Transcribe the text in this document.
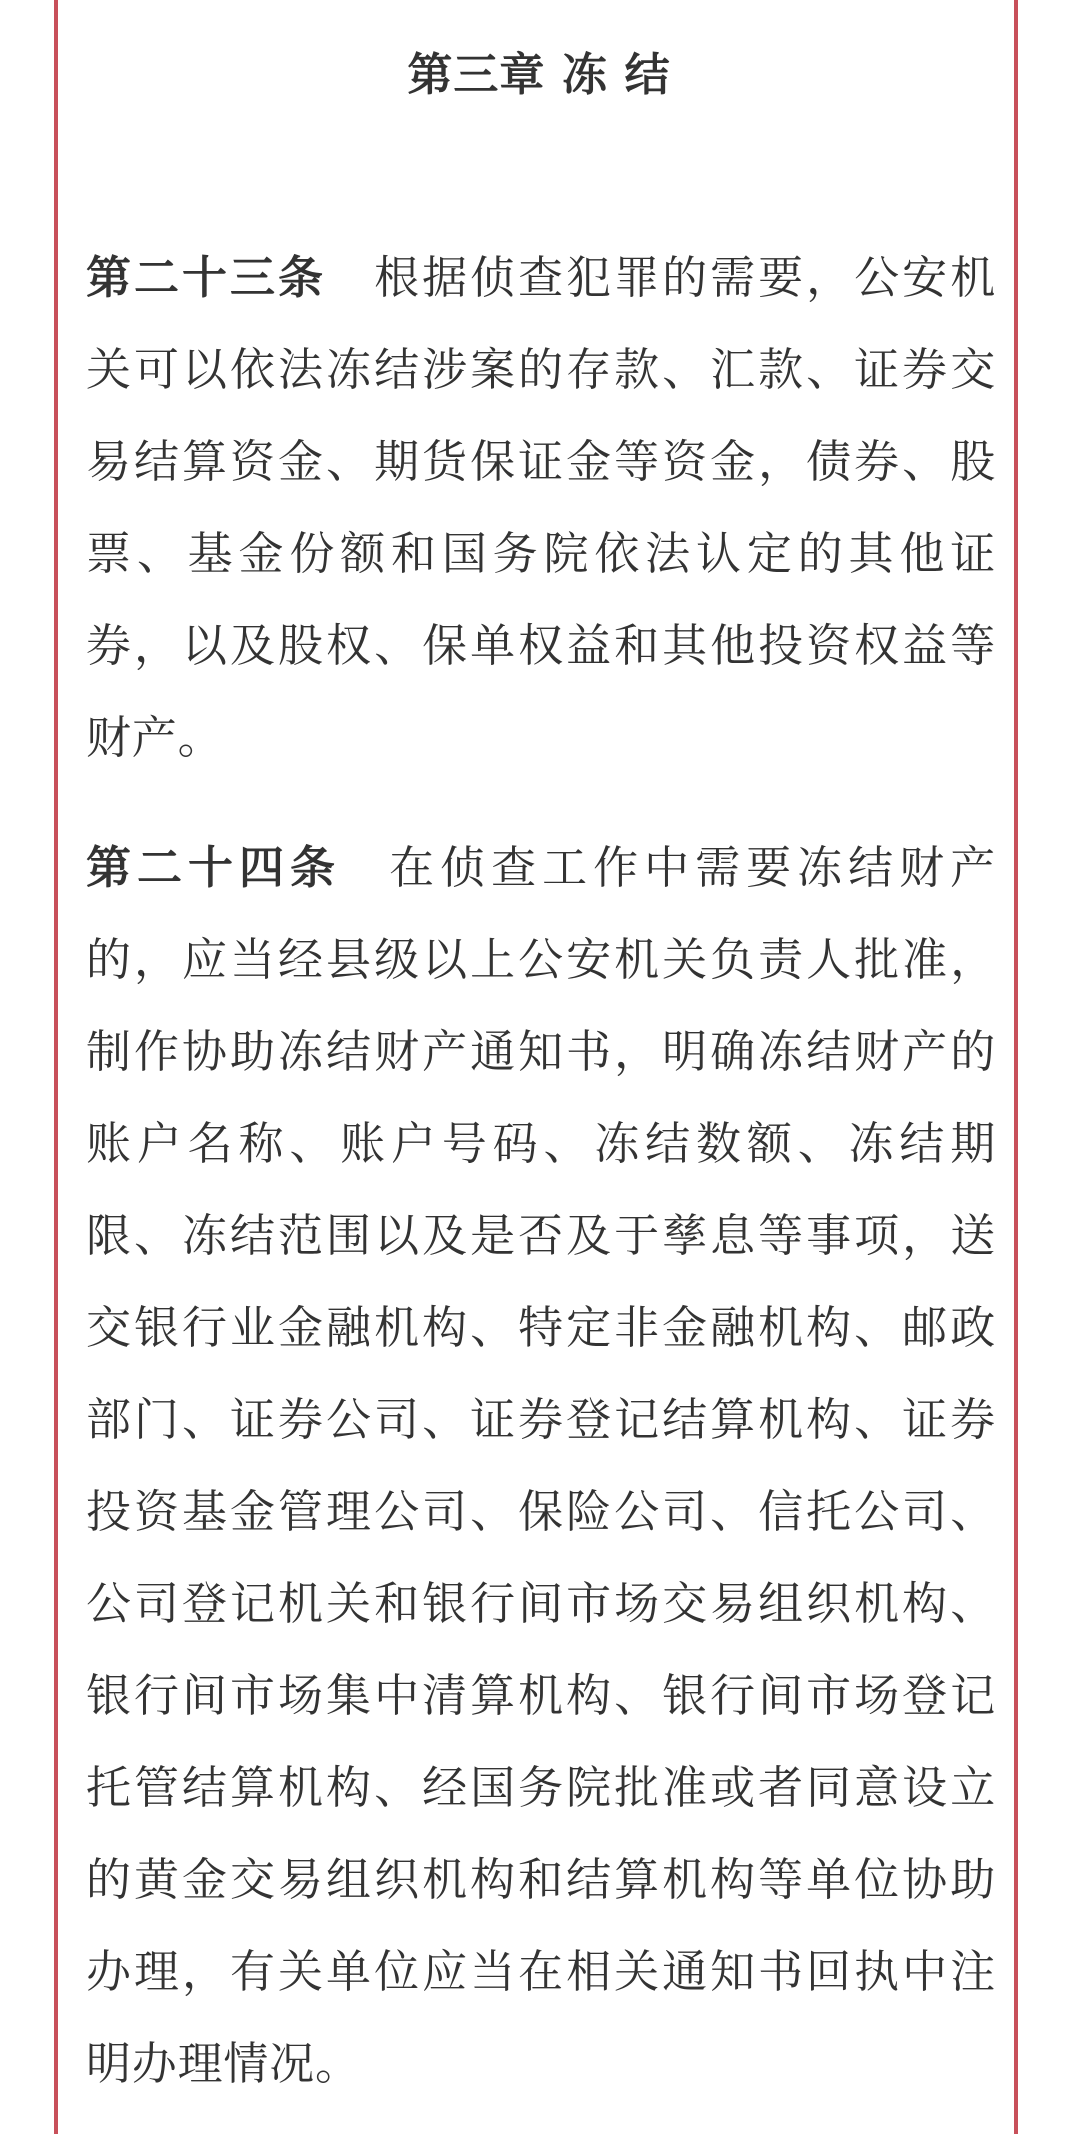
第三章 冻 结

第二十三条 根据侦查犯罪的需要，公安机关可以依法冻结涉案的存款、汇款、证券交易结算资金、期货保证金等资金，债券、股票、基金份额和国务院依法认定的其他证券，以及股权、保单权益和其他投资权益等财产。

第二十四条 在侦查工作中需要冻结财产的，应当经县级以上公安机关负责人批准，制作协助冻结财产通知书，明确冻结财产的账户名称、账户号码、冻结数额、冻结期限、冻结范围以及是否及于孳息等事项，送交银行业金融机构、特定非金融机构、邮政部门、证券公司、证券登记结算机构、证券投资基金管理公司、保险公司、信托公司、公司登记机关和银行间市场交易组织机构、银行间市场集中清算机构、银行间市场登记托管结算机构、经国务院批准或者同意设立的黄金交易组织机构和结算机构等单位协助办理，有关单位应当在相关通知书回执中注明办理情况。
